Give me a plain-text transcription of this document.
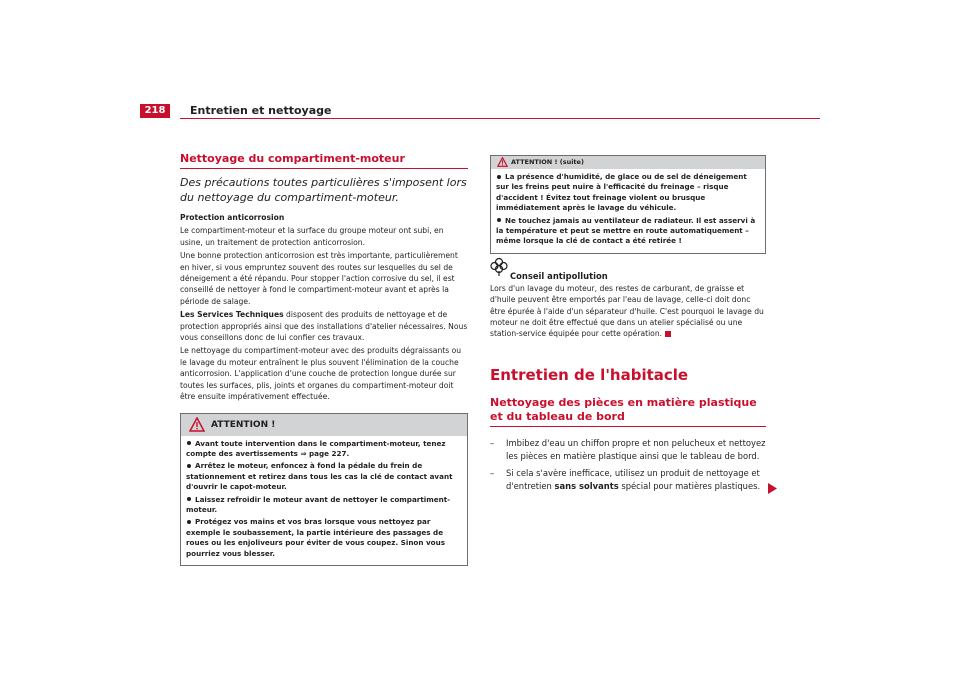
218	Entretien et nettoyage
Nettoyage du compartiment-moteur
Des précautions toutes particulières s'imposent lors du nettoyage du compartiment-moteur.

Protection anticorrosion

Le compartiment-moteur et la surface du groupe moteur ont subi, en usine, un traitement de protection anticorrosion.

Une bonne protection anticorrosion est très importante, particulièrement en hiver, si vous empruntez souvent des routes sur lesquelles du sel de déneigement a été répandu. Pour stopper l'action corrosive du sel, il est conseillé de nettoyer à fond le compartiment-moteur avant et après la période de salage.

Les Services Techniques disposent des produits de nettoyage et de protection appropriés ainsi que des installations d'atelier nécessaires. Nous vous conseillons donc de lui confier ces travaux.

Le nettoyage du compartiment-moteur avec des produits dégraissants ou le lavage du moteur entraînent le plus souvent l'élimination de la couche anticorrosion. L'application d'une couche de protection longue durée sur toutes les surfaces, plis, joints et organes du compartiment-moteur doit être ensuite impérativement effectuée.

ATTENTION !

Avant toute intervention dans le compartiment-moteur, tenez compte des avertissements ⇒ page 227.

Arrêtez le moteur, enfoncez à fond la pédale du frein de stationnement et retirez dans tous les cas la clé de contact avant d'ouvrir le capot-moteur.

Laissez refroidir le moteur avant de nettoyer le compartiment-moteur.

Protégez vos mains et vos bras lorsque vous nettoyez par exemple le soubassement, la partie intérieure des passages de roues ou les enjoliveurs pour éviter de vous coupez. Sinon vous pourriez vous blesser.

ATTENTION ! (suite)

La présence d'humidité, de glace ou de sel de déneigement sur les freins peut nuire à l'efficacité du freinage – risque d'accident ! Évitez tout freinage violent ou brusque immédiatement après le lavage du véhicule.

Ne touchez jamais au ventilateur de radiateur. Il est asservi à la température et peut se mettre en route automatiquement – même lorsque la clé de contact a été retirée !

Conseil antipollution
Lors d'un lavage du moteur, des restes de carburant, de graisse et d'huile peuvent être emportés par l'eau de lavage, celle-ci doit donc être épurée à l'aide d'un séparateur d'huile. C'est pourquoi le lavage du moteur ne doit être effectué que dans un atelier spécialisé ou une station-service équipée pour cette opération.
Entretien de l'habitacle
Nettoyage des pièces en matière plastique et du tableau de bord
– Imbibez d'eau un chiffon propre et non pelucheux et nettoyez les pièces en matière plastique ainsi que le tableau de bord.
– Si cela s'avère inefficace, utilisez un produit de nettoyage et d'entretien sans solvants spécial pour matières plastiques.
